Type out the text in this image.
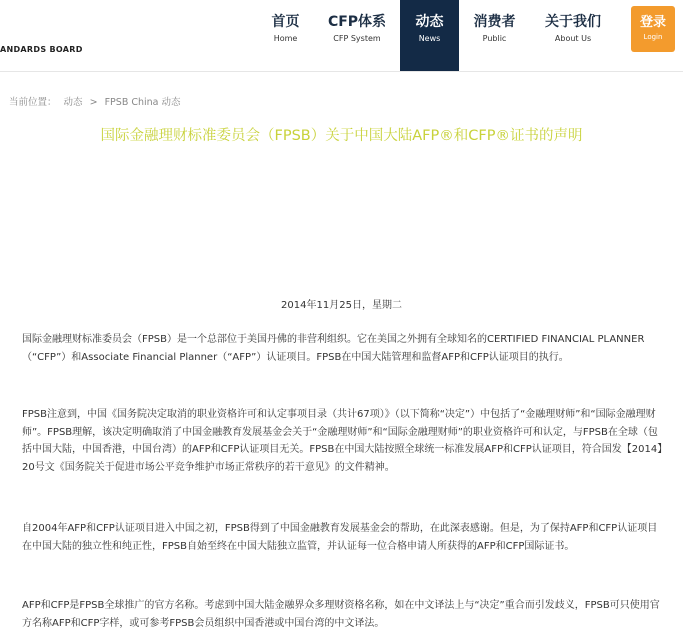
ANDARDS BOARD
首页
Home
CFP体系
CFP System
动态
News
消费者
Public
关于我们
About Us
登录
Login
当前位置： 动态 > FPSB China 动态
国际金融理财标准委员会（FPSB）关于中国大陆AFP®和CFP®证书的声明
2014年11月25日，星期二

国际金融理财标准委员会（FPSB）是一个总部位于美国丹佛的非营利组织。它在美国之外拥有全球知名的CERTIFIED FINANCIAL PLANNER（“CFP”）和Associate Financial Planner（“AFP”）认证项目。FPSB在中国大陆管理和监督AFP和CFP认证项目的执行。

FPSB注意到，中国《国务院决定取消的职业资格许可和认定事项目录（共计67项）》（以下简称“决定”）中包括了“金融理财师”和“国际金融理财师”。FPSB理解，该决定明确取消了中国金融教育发展基金会关于“金融理财师”和“国际金融理财师”的职业资格许可和认定，与FPSB在全球（包括中国大陆，中国香港，中国台湾）的AFP和CFP认证项目无关。FPSB在中国大陆按照全球统一标准发展AFP和CFP认证项目，符合国发【2014】20号文《国务院关于促进市场公平竞争维护市场正常秩序的若干意见》的文件精神。

自2004年AFP和CFP认证项目进入中国之初，FPSB得到了中国金融教育发展基金会的帮助，在此深表感谢。但是，为了保持AFP和CFP认证项目在中国大陆的独立性和纯正性，FPSB自始至终在中国大陆独立监管，并认证每一位合格申请人所获得的AFP和CFP国际证书。

AFP和CFP是FPSB全球推广的官方名称。考虑到中国大陆金融界众多理财资格名称，如在中文译法上与“决定”重合而引发歧义，FPSB可只使用官方名称AFP和CFP字样，或可参考FPSB会员组织中国香港或中国台湾的中文译法。
